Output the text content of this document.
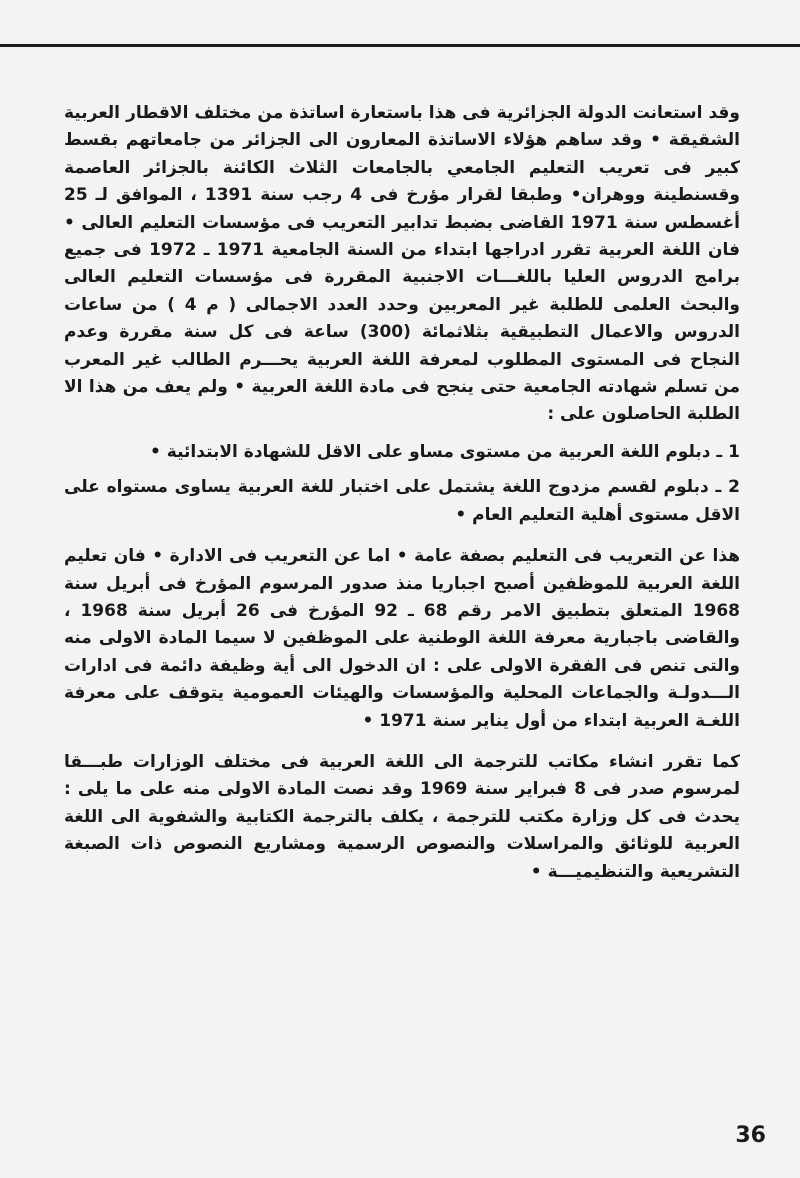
وقد استعانت الدولة الجزائرية فى هذا باستعارة اساتذة من مختلف الاقطار العربية الشقيقة • وقد ساهم هؤلاء الاساتذة المعارون الى الجزائر من جامعاتهم بقسط كبير فى تعريب التعليم الجامعي بالجامعات الثلاث الكائنة بالجزائر العاصمة وقسنطينة ووهران• وطبقا لقرار مؤرخ فى 4 رجب سنة 1391 ، الموافق لـ 25 أغسطس سنة 1971 القاضى بضبط تدابير التعريب فى مؤسسات التعليم العالى • فان اللغة العربية تقرر ادراجها ابتداء من السنة الجامعية 1971 ـ 1972 فى جميع برامج الدروس العليا باللغـــات الاجنبية المقررة فى مؤسسات التعليم العالى والبحث العلمى للطلبة غير المعربين وحدد العدد الاجمالى ( م 4 ) من ساعات الدروس والاعمال التطبيقية بثلاثمائة (300) ساعة فى كل سنة مقررة وعدم النجاح فى المستوى المطلوب لمعرفة اللغة العربية يحـــرم الطالب غير المعرب من تسلم شهادته الجامعية حتى ينجح فى مادة اللغة العربية • ولم يعف من هذا الا الطلبة الحاصلون على :

1 ـ دبلوم اللغة العربية من مستوى مساو على الاقل للشهادة الابتدائية •

2 ـ دبلوم لقسم مزدوج اللغة يشتمل على اختبار للغة العربية يساوى مستواه على الاقل مستوى أهلية التعليم العام •

هذا عن التعريب فى التعليم بصفة عامة • اما عن التعريب فى الادارة • فان تعليم اللغة العربية للموظفين أصبح اجباريا منذ صدور المرسوم المؤرخ فى أبريل سنة 1968 المتعلق بتطبيق الامر رقم 68 ـ 92 المؤرخ فى 26 أبريل سنة 1968 ، والقاضى باجبارية معرفة اللغة الوطنية على الموظفين لا سيما المادة الاولى منه والتى تنص فى الفقرة الاولى على : ان الدخول الى أية وظيفة دائمة فى ادارات الـــدولـة والجماعات المحلية والمؤسسات والهيئات العمومية يتوقف على معرفة اللغـة العربية ابتداء من أول يناير سنة 1971 •

كما تقرر انشاء مكاتب للترجمة الى اللغة العربية فى مختلف الوزارات طبـــقا لمرسوم صدر فى 8 فبراير سنة 1969 وقد نصت المادة الاولى منه على ما يلى : يحدث فى كل وزارة مكتب للترجمة ، يكلف بالترجمة الكتابية والشفوية الى اللغة العربية للوثائق والمراسلات والنصوص الرسمية ومشاريع النصوص ذات الصبغة التشريعية والتنظيميـــة •

36
